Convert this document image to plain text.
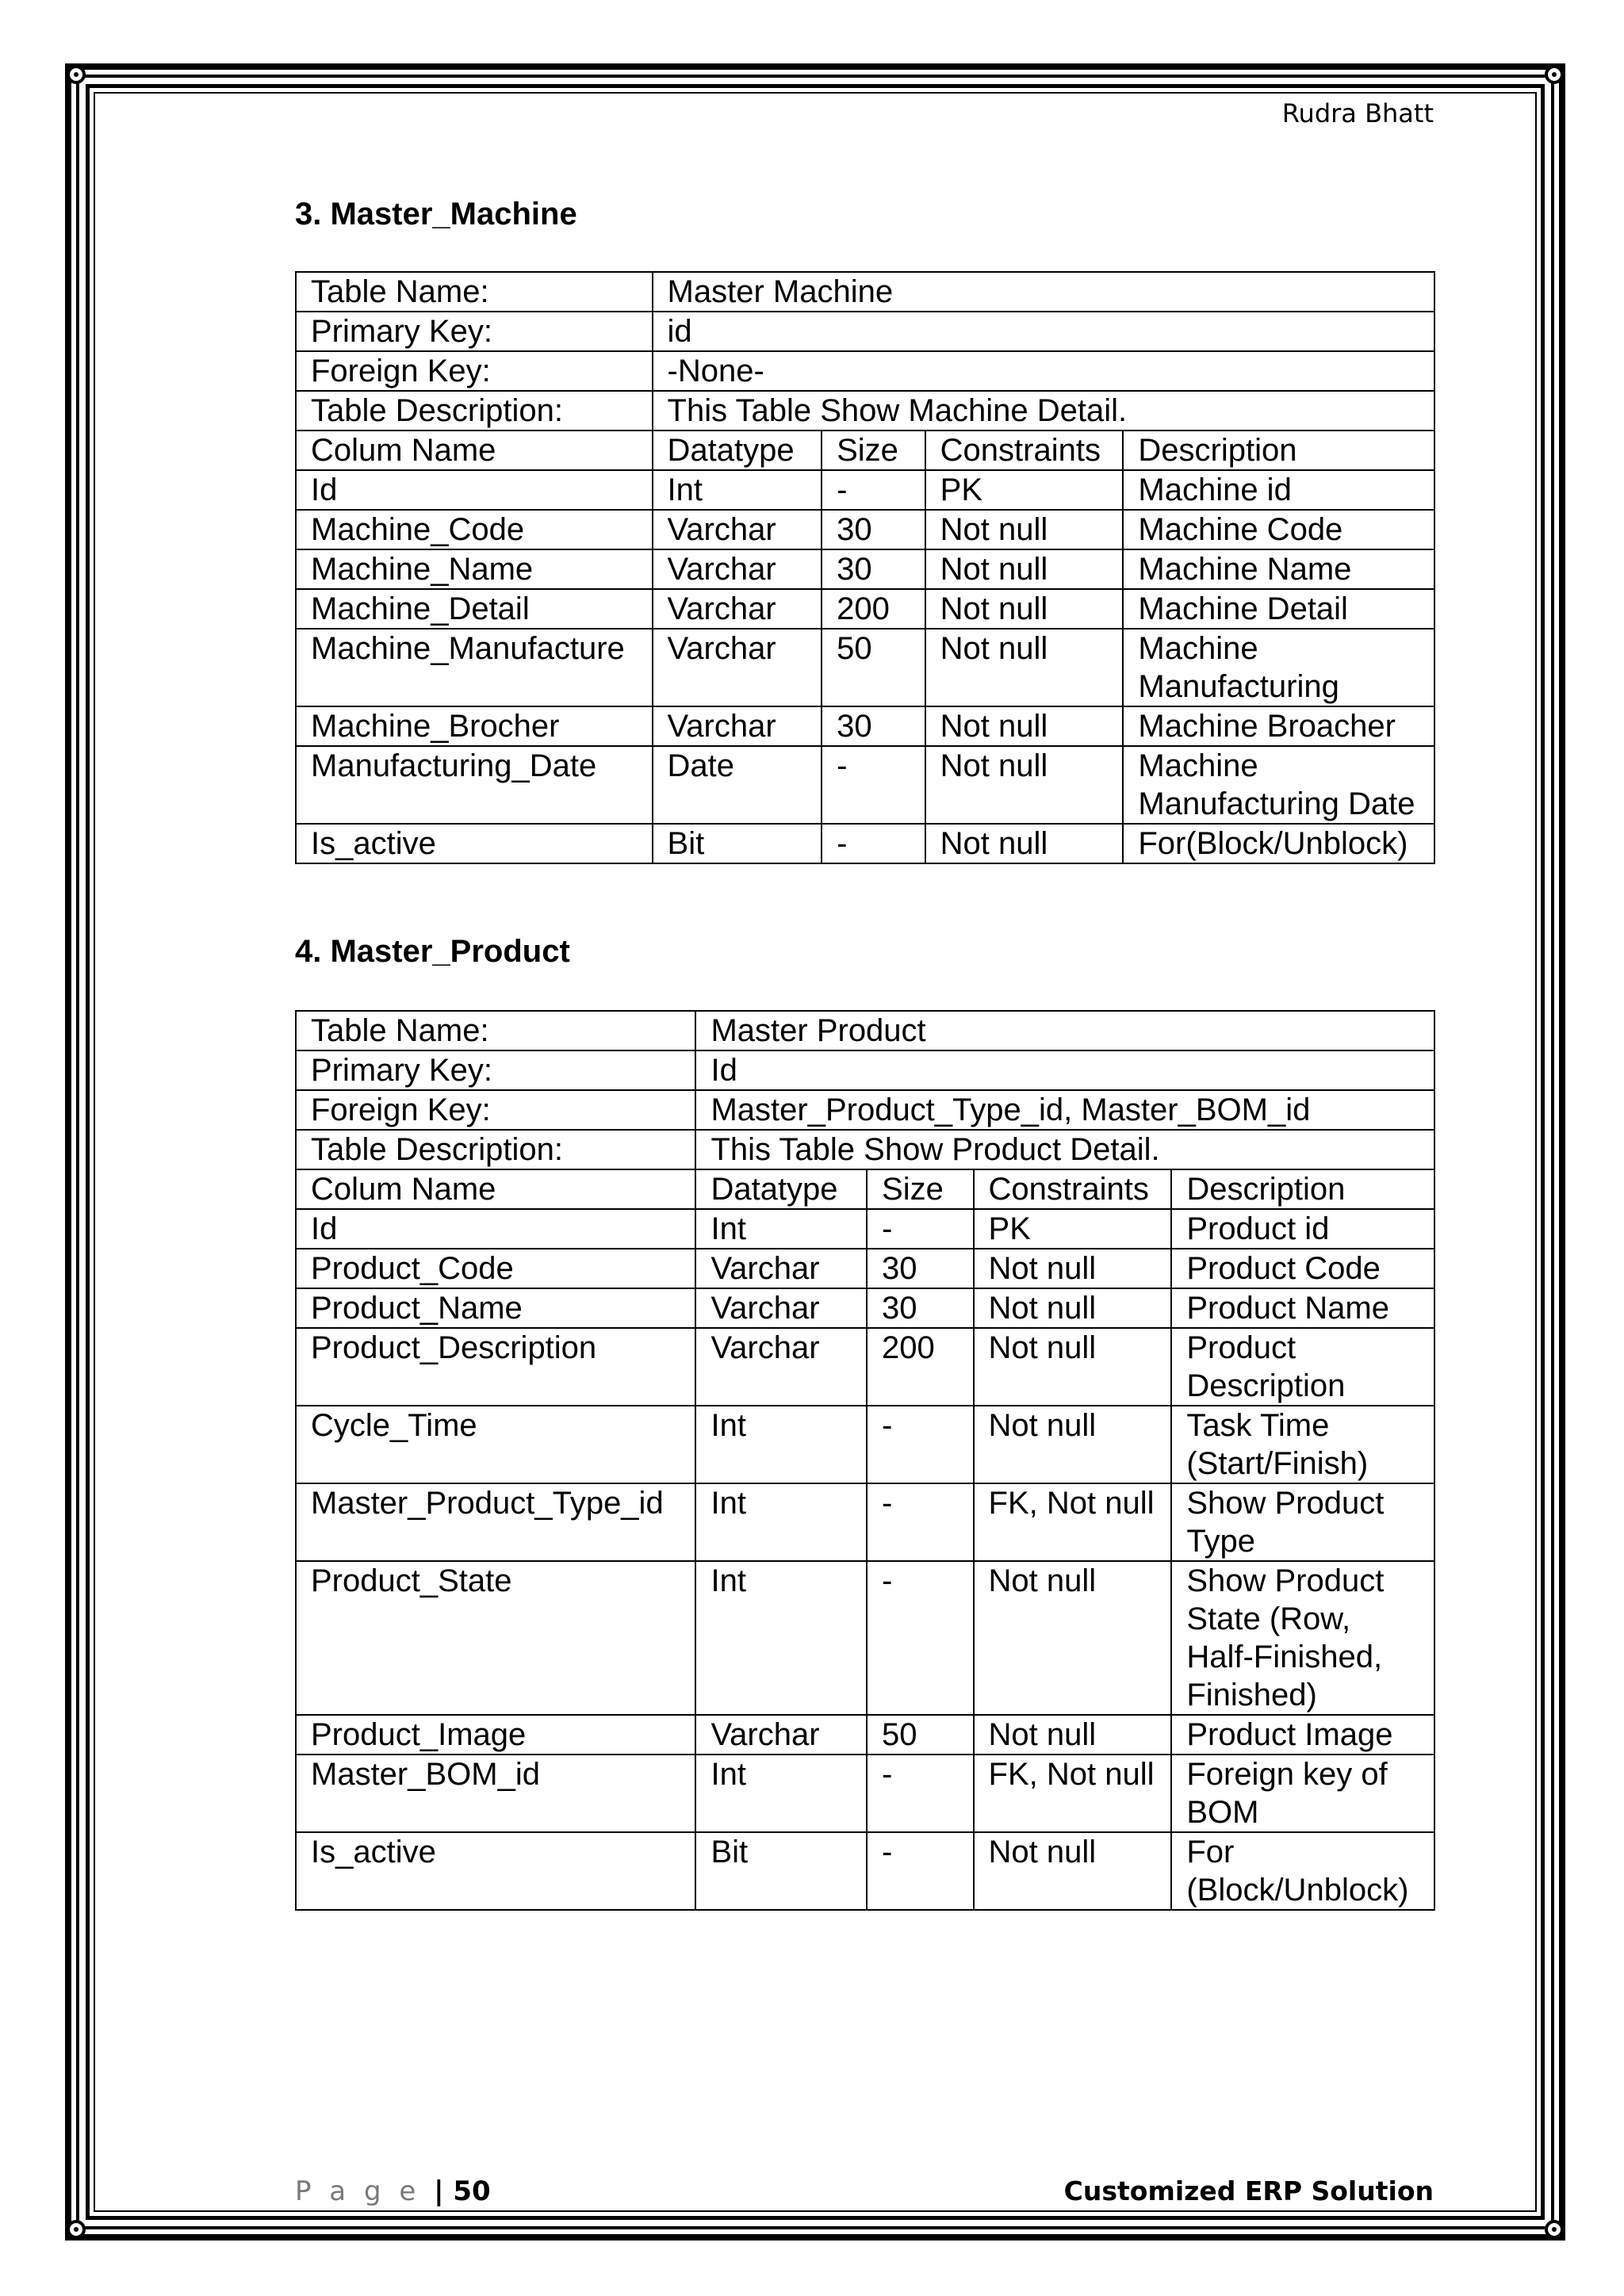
Rudra Bhatt
3. Master_Machine
Table Name:	Master Machine			
Primary Key:	id			
Foreign Key:	-None-			
Table Description:	This Table Show Machine Detail.			
Colum Name	Datatype	Size	Constraints	Description
Id	Int	-	PK	Machine id
Machine_Code	Varchar	30	Not null	Machine Code
Machine_Name	Varchar	30	Not null	Machine Name
Machine_Detail	Varchar	200	Not null	Machine Detail
Machine_Manufacture	Varchar	50	Not null	Machine Manufacturing
Machine_Brocher	Varchar	30	Not null	Machine Broacher
Manufacturing_Date	Date	-	Not null	Machine Manufacturing Date
Is_active	Bit	-	Not null	For(Block/Unblock)
4. Master_Product
Table Name:	Master Product			
Primary Key:	Id			
Foreign Key:	Master_Product_Type_id, Master_BOM_id			
Table Description:	This Table Show Product Detail.			
Colum Name	Datatype	Size	Constraints	Description
Id	Int	-	PK	Product id
Product_Code	Varchar	30	Not null	Product Code
Product_Name	Varchar	30	Not null	Product Name
Product_Description	Varchar	200	Not null	Product Description
Cycle_Time	Int	-	Not null	Task Time (Start/Finish)
Master_Product_Type_id	Int	-	FK, Not null	Show Product Type
Product_State	Int	-	Not null	Show Product State (Row, Half-Finished, Finished)
Product_Image	Varchar	50	Not null	Product Image
Master_BOM_id	Int	-	FK, Not null	Foreign key of BOM
Is_active	Bit	-	Not null	For (Block/Unblock)
P a g e | 50	Customized ERP Solution
